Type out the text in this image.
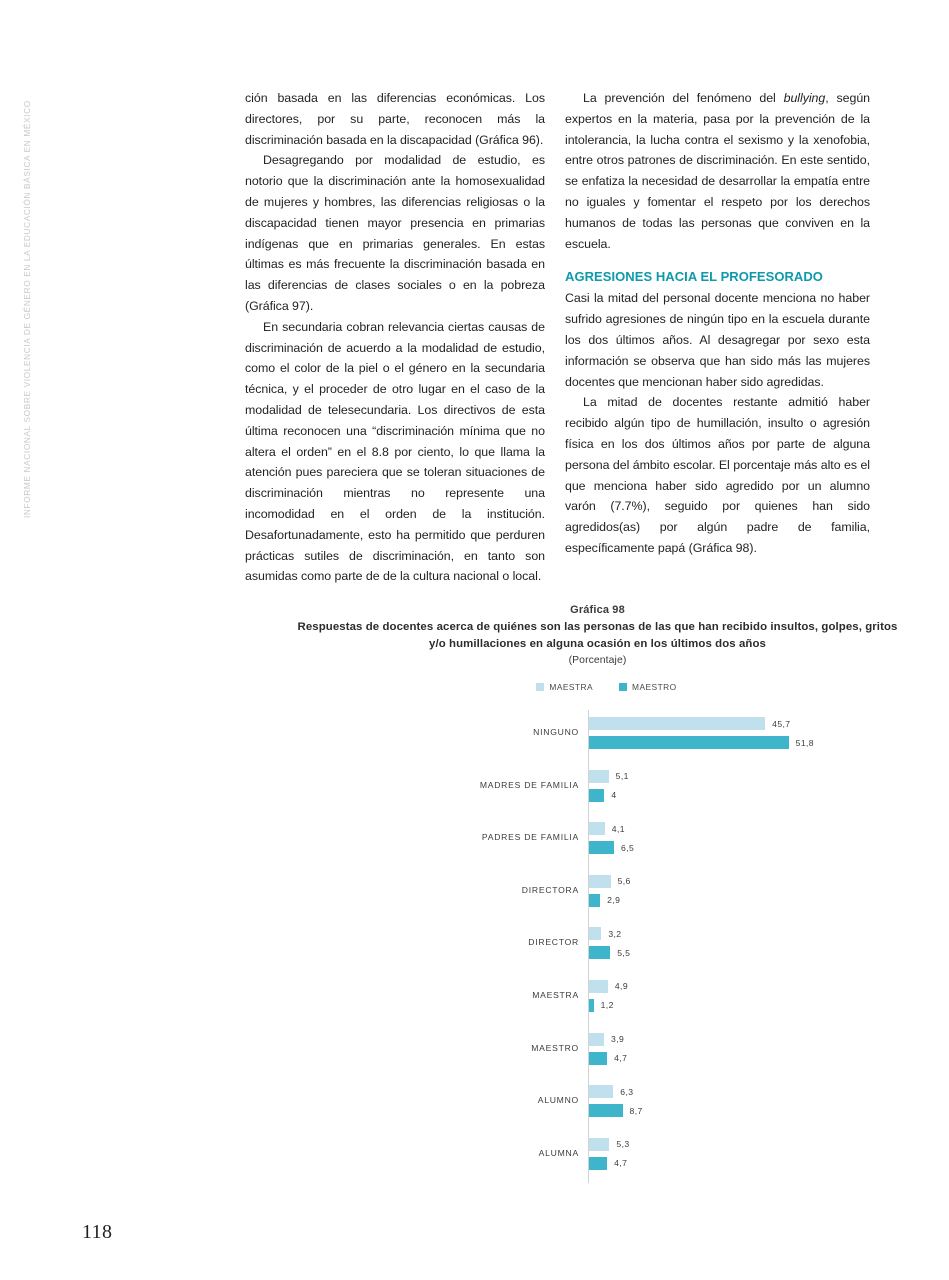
INFORME NACIONAL SOBRE VIOLENCIA DE GÉNERO EN LA EDUCACIÓN BÁSICA EN MÉXICO
118

ción basada en las diferencias económicas. Los directores, por su parte, reconocen más la discriminación basada en la discapacidad (Gráfica 96).

Desagregando por modalidad de estudio, es notorio que la discriminación ante la homosexualidad de mujeres y hombres, las diferencias religiosas o la discapacidad tienen mayor presencia en primarias indígenas que en primarias generales. En estas últimas es más frecuente la discriminación basada en las diferencias de clases sociales o en la pobreza (Gráfica 97).

En secundaria cobran relevancia ciertas causas de discriminación de acuerdo a la modalidad de estudio, como el color de la piel o el género en la secundaria técnica, y el proceder de otro lugar en el caso de la modalidad de telesecundaria. Los directivos de esta última reconocen una “discriminación mínima que no altera el orden” en el 8.8 por ciento, lo que llama la atención pues pareciera que se toleran situaciones de discriminación mientras no represente una incomodidad en el orden de la institución. Desafortunadamente, esto ha permitido que perduren prácticas sutiles de discriminación, en tanto son asumidas como parte de de la cultura nacional o local.

La prevención del fenómeno del bullying, según expertos en la materia, pasa por la prevención de la intolerancia, la lucha contra el sexismo y la xenofobia, entre otros patrones de discriminación. En este sentido, se enfatiza la necesidad de desarrollar la empatía entre no iguales y fomentar el respeto por los derechos humanos de todas las personas que conviven en la escuela.

AGRESIONES HACIA EL PROFESORADO

Casi la mitad del personal docente menciona no haber sufrido agresiones de ningún tipo en la escuela durante los dos últimos años. Al desagregar por sexo esta información se observa que han sido más las mujeres docentes que mencionan haber sido agredidas.

La mitad de docentes restante admitió haber recibido algún tipo de humillación, insulto o agresión física en los dos últimos años por parte de alguna persona del ámbito escolar. El porcentaje más alto es el que menciona haber sido agredido por un alumno varón (7.7%), seguido por quienes han sido agredidos(as) por algún padre de familia, específicamente papá (Gráfica 98).

Gráfica 98
Respuestas de docentes acerca de quiénes son las personas de las que han recibido insultos, golpes, gritos y/o humillaciones en alguna ocasión en los últimos dos años
(Porcentaje)
MAESTRA	MAESTRO
NINGUNO
45,7
51,8
MADRES DE FAMILIA
5,1
4
PADRES DE FAMILIA
4,1
6,5
DIRECTORA
5,6
2,9
DIRECTOR
3,2
5,5
MAESTRA
4,9
1,2
MAESTRO
3,9
4,7
ALUMNO
6,3
8,7
ALUMNA
5,3
4,7
